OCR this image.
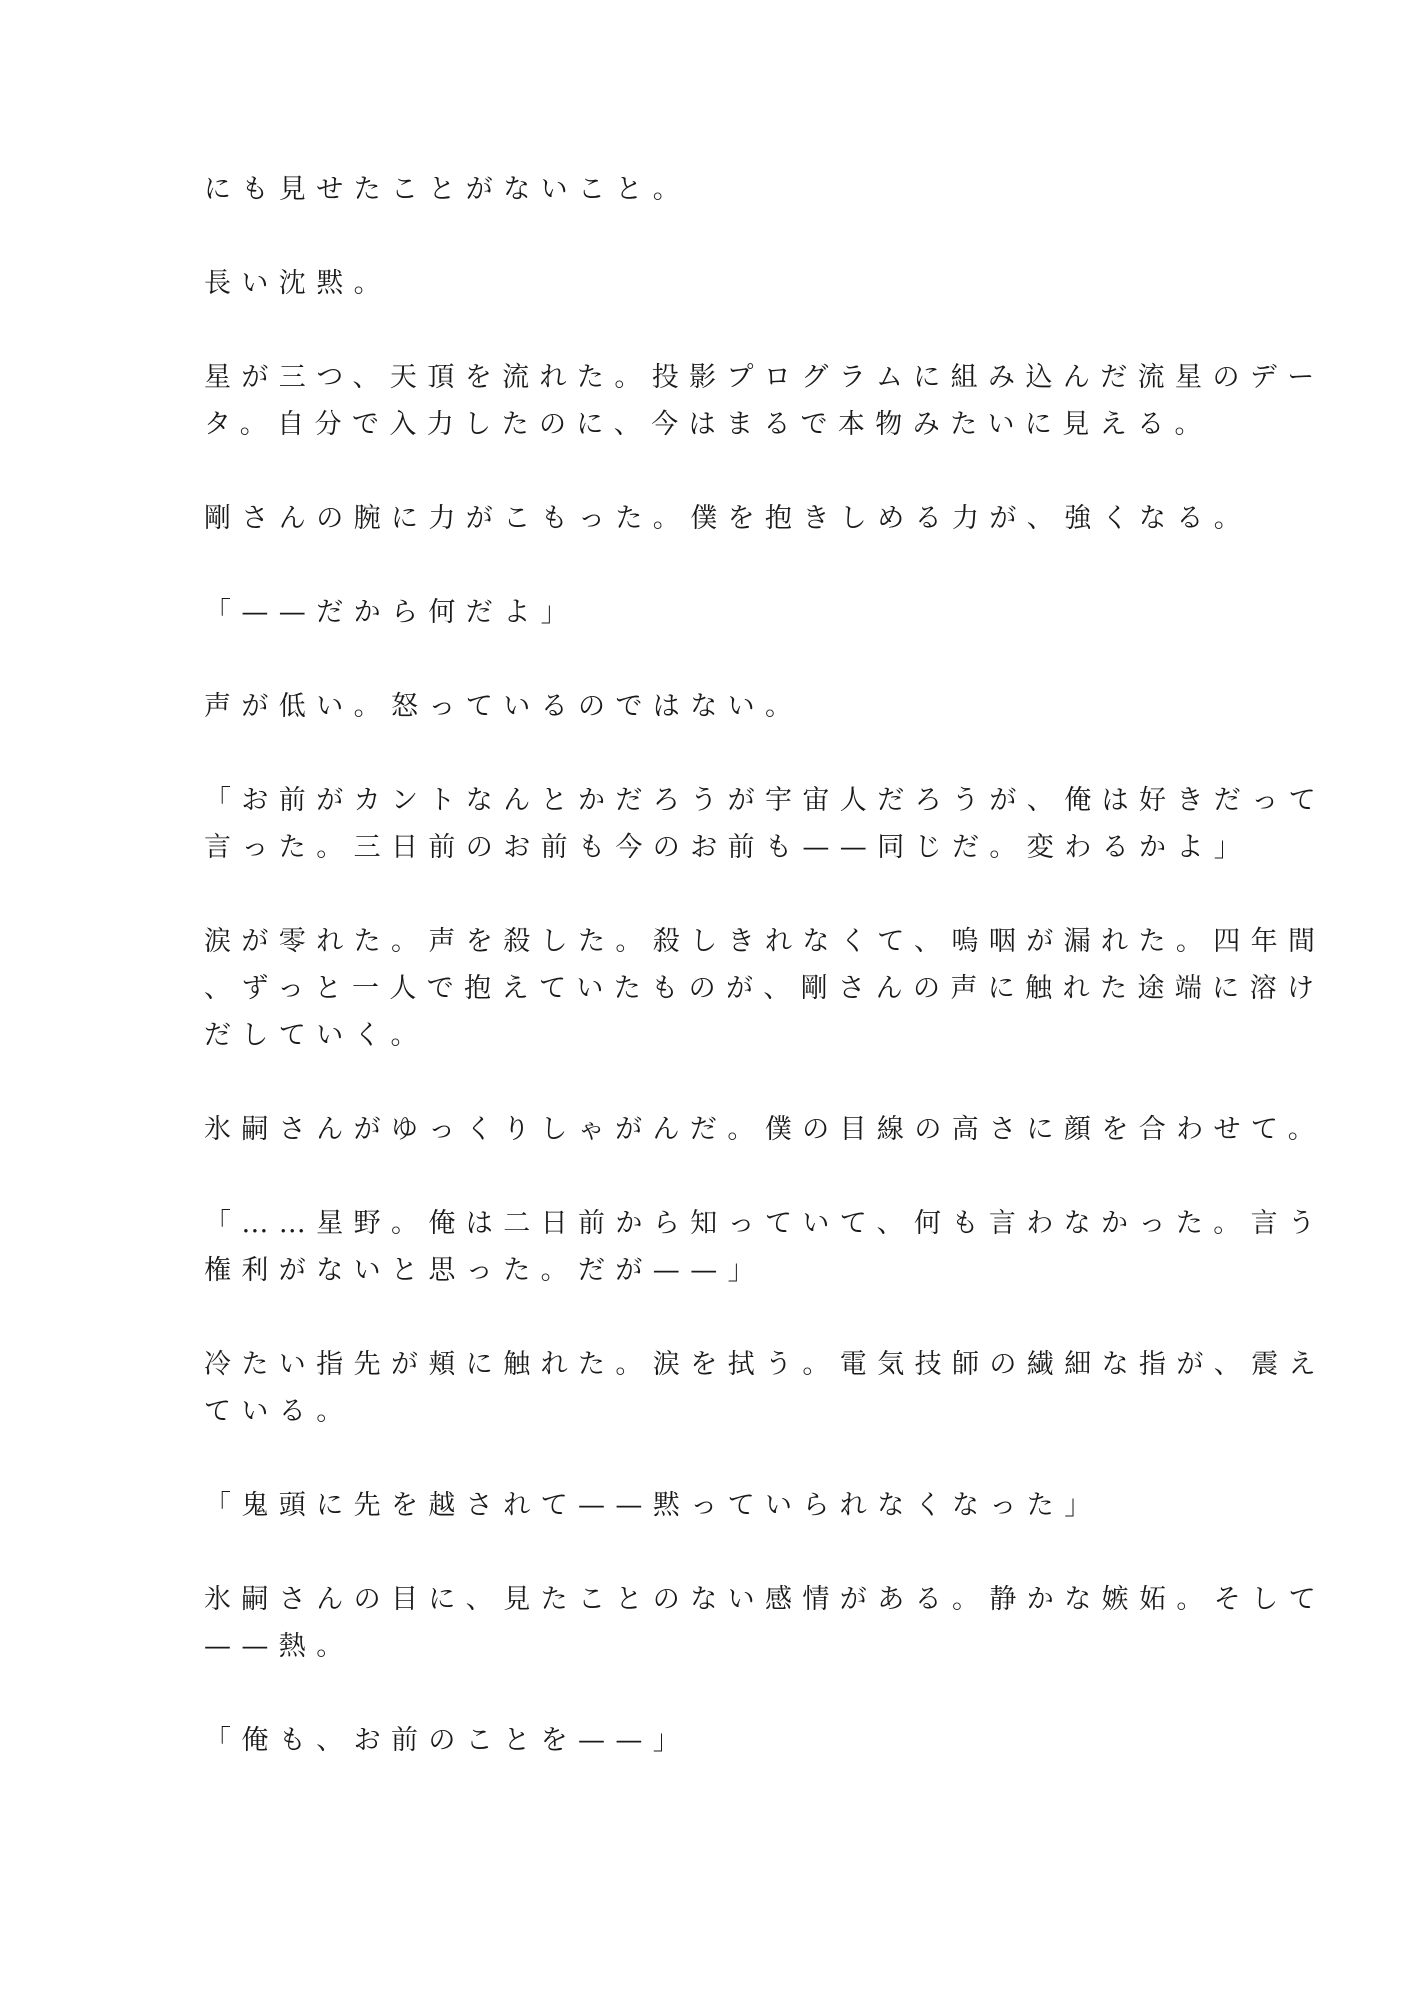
にも見せたことがないこと。

長い沈黙。

星が三つ、天頂を流れた。投影プログラムに組み込んだ流星のデー
タ。自分で入力したのに、今はまるで本物みたいに見える。

剛さんの腕に力がこもった。僕を抱きしめる力が、強くなる。

「——だから何だよ」

声が低い。怒っているのではない。

「お前がカントなんとかだろうが宇宙人だろうが、俺は好きだって
言った。三日前のお前も今のお前も——同じだ。変わるかよ」

涙が零れた。声を殺した。殺しきれなくて、嗚咽が漏れた。四年間
、ずっと一人で抱えていたものが、剛さんの声に触れた途端に溶け
だしていく。

氷嗣さんがゆっくりしゃがんだ。僕の目線の高さに顔を合わせて。

「……星野。俺は二日前から知っていて、何も言わなかった。言う
権利がないと思った。だが——」

冷たい指先が頬に触れた。涙を拭う。電気技師の繊細な指が、震え
ている。

「鬼頭に先を越されて——黙っていられなくなった」

氷嗣さんの目に、見たことのない感情がある。静かな嫉妬。そして
——熱。

「俺も、お前のことを——」
